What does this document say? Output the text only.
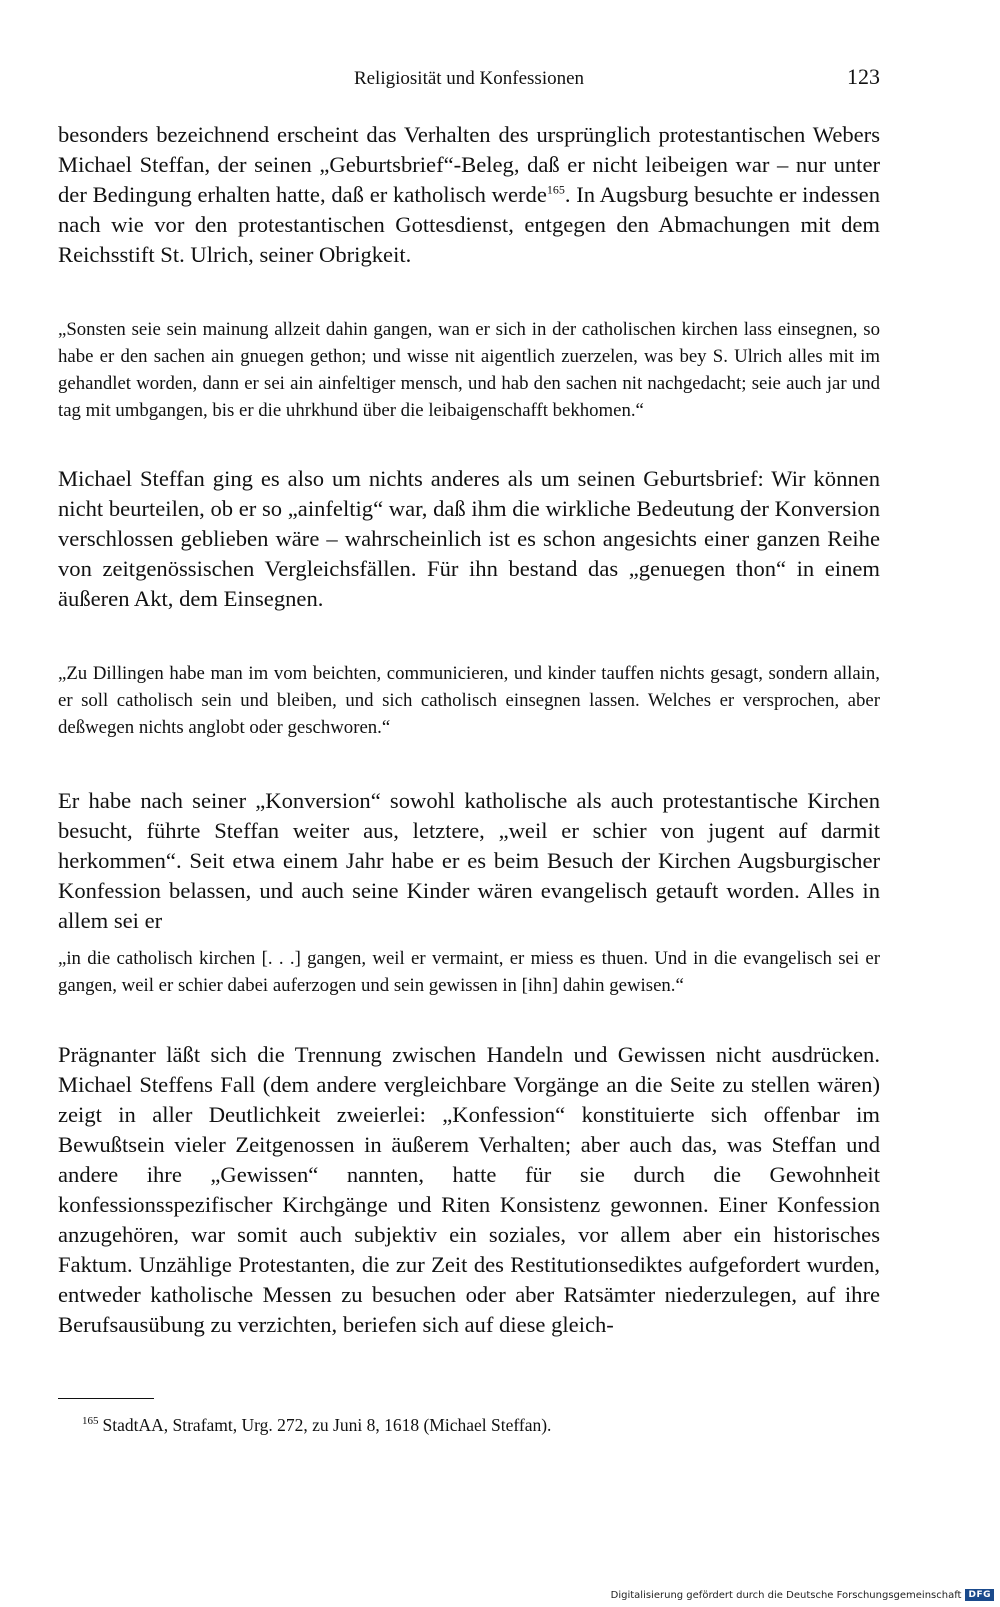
Religiosität und Konfessionen	123

besonders bezeichnend erscheint das Verhalten des ursprünglich protestantischen Webers Michael Steffan, der seinen „Geburtsbrief“-Beleg, daß er nicht leibeigen war – nur unter der Bedingung erhalten hatte, daß er katholisch werde$^{165}$. In Augsburg besuchte er indessen nach wie vor den protestantischen Gottesdienst, entgegen den Abmachungen mit dem Reichsstift St. Ulrich, seiner Obrigkeit.

„Sonsten seie sein mainung allzeit dahin gangen, wan er sich in der catholischen kirchen lass einsegnen, so habe er den sachen ain gnuegen gethon; und wisse nit aigentlich zuerzelen, was bey S. Ulrich alles mit im gehandlet worden, dann er sei ain ainfeltiger mensch, und hab den sachen nit nachgedacht; seie auch jar und tag mit umbgangen, bis er die uhrkhund über die leibaigenschafft bekhomen.“

Michael Steffan ging es also um nichts anderes als um seinen Geburtsbrief: Wir können nicht beurteilen, ob er so „ainfeltig“ war, daß ihm die wirkliche Bedeutung der Konversion verschlossen geblieben wäre – wahrscheinlich ist es schon angesichts einer ganzen Reihe von zeitgenössischen Vergleichsfällen. Für ihn bestand das „genuegen thon“ in einem äußeren Akt, dem Einsegnen.

„Zu Dillingen habe man im vom beichten, communicieren, und kinder tauffen nichts gesagt, sondern allain, er soll catholisch sein und bleiben, und sich catholisch einsegnen lassen. Welches er versprochen, aber deßwegen nichts anglobt oder geschworen.“

Er habe nach seiner „Konversion“ sowohl katholische als auch protestantische Kirchen besucht, führte Steffan weiter aus, letztere, „weil er schier von jugent auf darmit herkommen“. Seit etwa einem Jahr habe er es beim Besuch der Kirchen Augsburgischer Konfession belassen, und auch seine Kinder wären evangelisch getauft worden. Alles in allem sei er

„in die catholisch kirchen [. . .] gangen, weil er vermaint, er miess es thuen. Und in die evangelisch sei er gangen, weil er schier dabei auferzogen und sein gewissen in [ihn] dahin gewisen.“

Prägnanter läßt sich die Trennung zwischen Handeln und Gewissen nicht ausdrücken. Michael Steffens Fall (dem andere vergleichbare Vorgänge an die Seite zu stellen wären) zeigt in aller Deutlichkeit zweierlei: „Konfession“ konstituierte sich offenbar im Bewußtsein vieler Zeitgenossen in äußerem Verhalten; aber auch das, was Steffan und andere ihre „Gewissen“ nannten, hatte für sie durch die Gewohnheit konfessionsspezifischer Kirchgänge und Riten Konsistenz gewonnen. Einer Konfession anzugehören, war somit auch subjektiv ein soziales, vor allem aber ein historisches Faktum. Unzählige Protestanten, die zur Zeit des Restitutionsediktes aufgefordert wurden, entweder katholische Messen zu besuchen oder aber Ratsämter niederzulegen, auf ihre Berufsausübung zu verzichten, beriefen sich auf diese gleich-

$^{165}$ StadtAA, Strafamt, Urg. 272, zu Juni 8, 1618 (Michael Steffan).
Digitalisierung gefördert durch die Deutsche Forschungsgemeinschaft DFG
